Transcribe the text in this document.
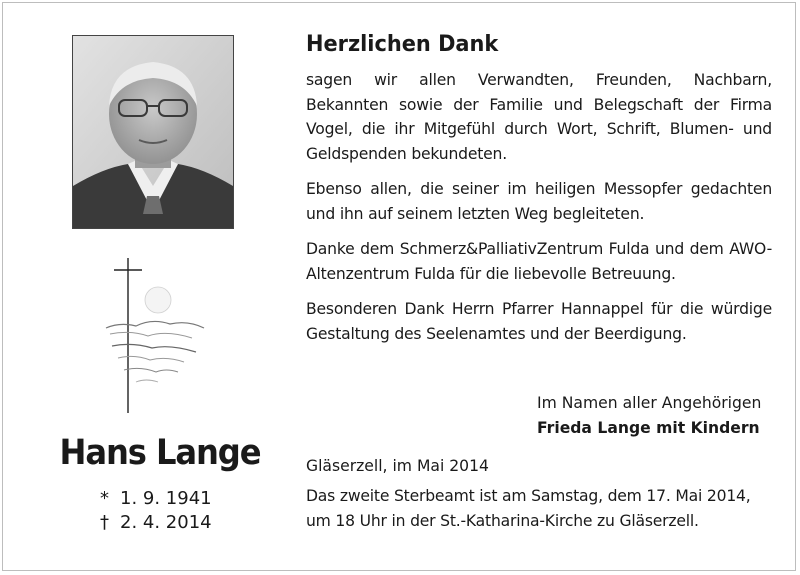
Hans Lange
* 1. 9. 1941
† 2. 4. 2014
Herzlichen Dank

sagen wir allen Verwandten, Freunden, Nachbarn, Bekannten sowie der Familie und Belegschaft der Firma Vogel, die ihr Mitgefühl durch Wort, Schrift, Blumen- und Geldspenden bekundeten.

Ebenso allen, die seiner im heiligen Messopfer gedachten und ihn auf seinem letzten Weg begleiteten.

Danke dem Schmerz&PalliativZentrum Fulda und dem AWO-Altenzentrum Fulda für die liebevolle Betreuung.

Besonderen Dank Herrn Pfarrer Hannappel für die würdige Gestaltung des Seelenamtes und der Beerdigung.

Im Namen aller Angehörigen
Frieda Lange mit Kindern
Gläserzell, im Mai 2014
Das zweite Sterbeamt ist am Samstag, dem 17. Mai 2014, um 18 Uhr in der St.-Katharina-Kirche zu Gläserzell.
